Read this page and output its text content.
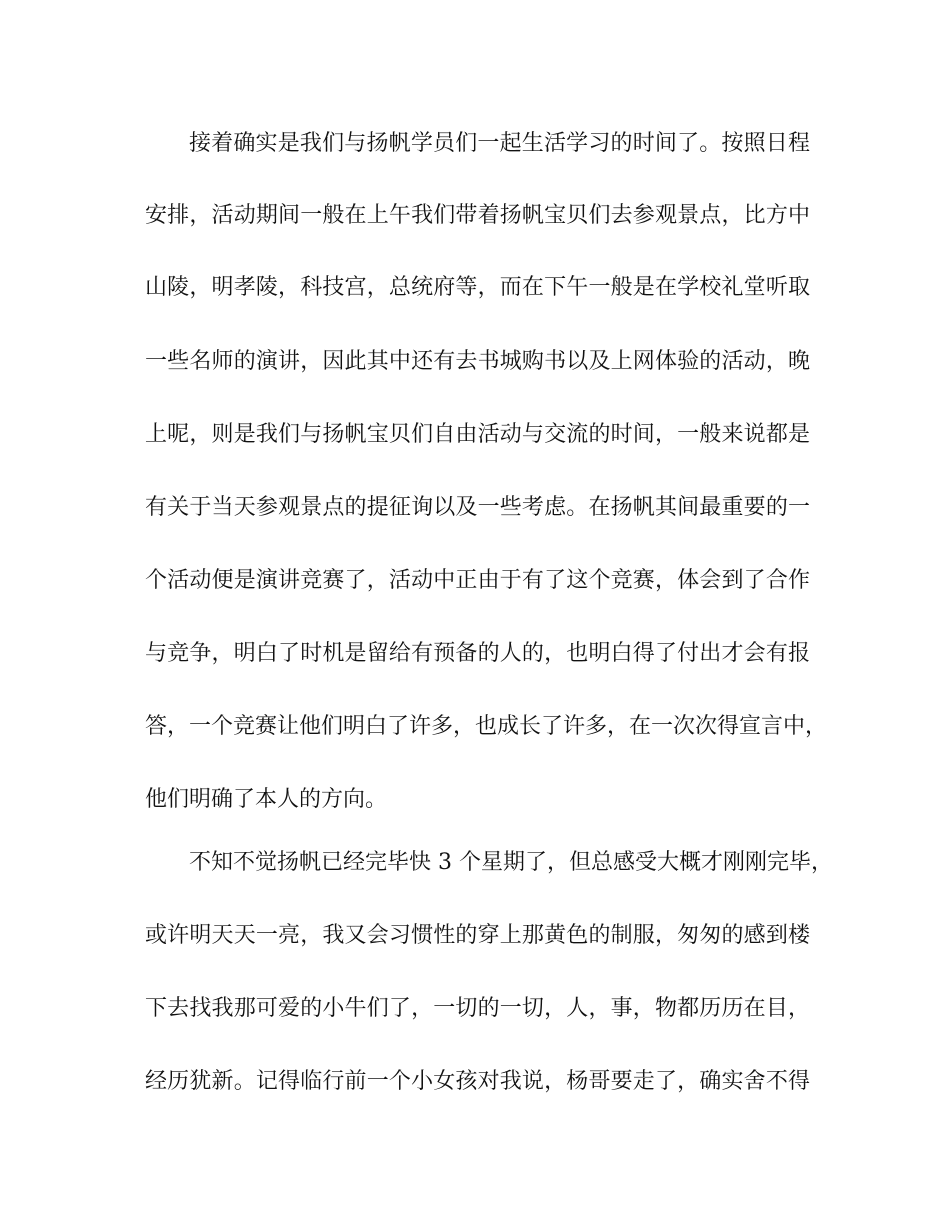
接着确实是我们与扬帆学员们一起生活学习的时间了。按照日程

安排，活动期间一般在上午我们带着扬帆宝贝们去参观景点，比方中

山陵，明孝陵，科技宫，总统府等，而在下午一般是在学校礼堂听取

一些名师的演讲，因此其中还有去书城购书以及上网体验的活动，晚

上呢，则是我们与扬帆宝贝们自由活动与交流的时间，一般来说都是

有关于当天参观景点的提征询以及一些考虑。在扬帆其间最重要的一

个活动便是演讲竞赛了，活动中正由于有了这个竞赛，体会到了合作

与竞争，明白了时机是留给有预备的人的，也明白得了付出才会有报

答，一个竞赛让他们明白了许多，也成长了许多，在一次次得宣言中，

他们明确了本人的方向。

不知不觉扬帆已经完毕快 3 个星期了，但总感受大概才刚刚完毕，

或许明天天一亮，我又会习惯性的穿上那黄色的制服，匆匆的感到楼

下去找我那可爱的小牛们了，一切的一切，人，事，物都历历在目，

经历犹新。记得临行前一个小女孩对我说，杨哥要走了，确实舍不得
